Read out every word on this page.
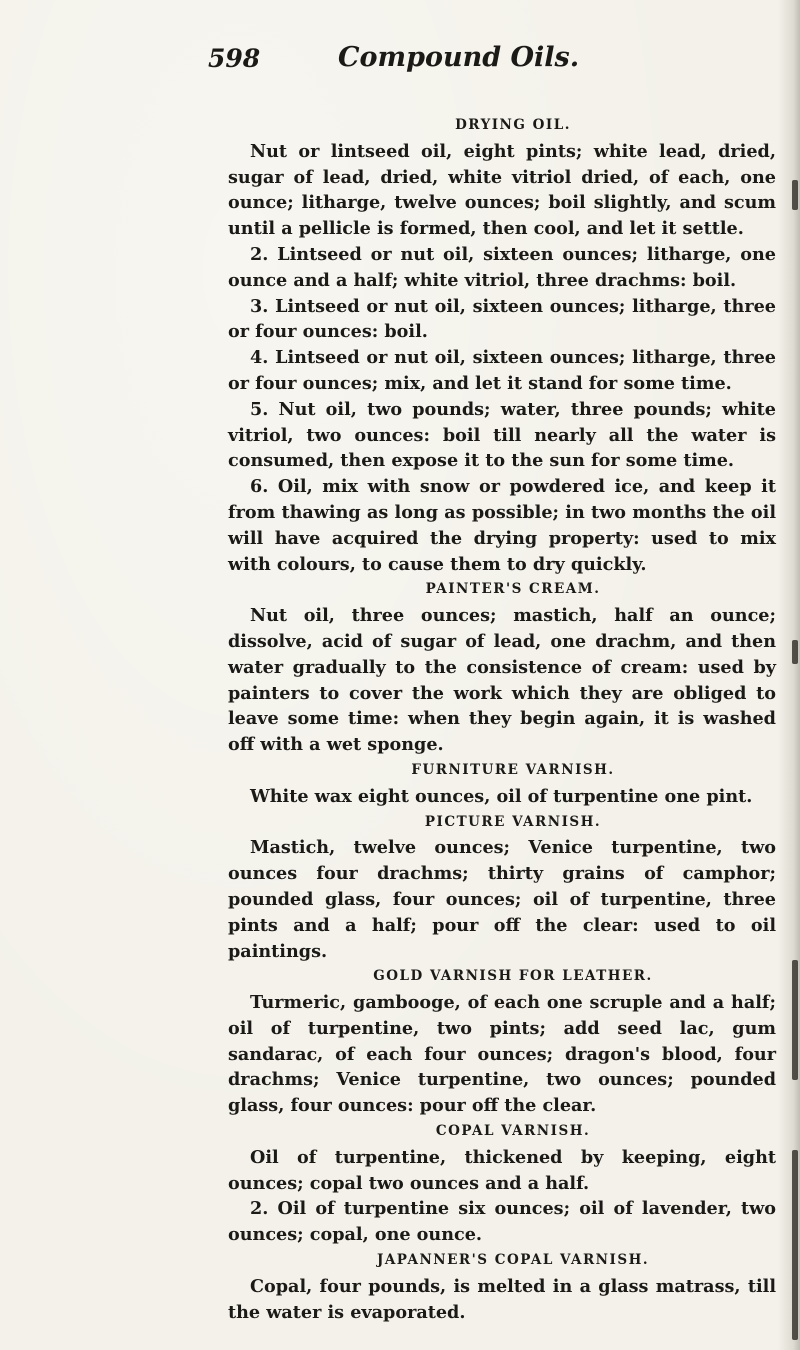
598	Compound Oils.

DRYING OIL.

Nut or lintseed oil, eight pints; white lead, dried, sugar of lead, dried, white vitriol dried, of each, one ounce; litharge, twelve ounces; boil slightly, and scum until a pellicle is formed, then cool, and let it settle.

2. Lintseed or nut oil, sixteen ounces; litharge, one ounce and a half; white vitriol, three drachms: boil.

3. Lintseed or nut oil, sixteen ounces; litharge, three or four ounces: boil.

4. Lintseed or nut oil, sixteen ounces; litharge, three or four ounces; mix, and let it stand for some time.

5. Nut oil, two pounds; water, three pounds; white vitriol, two ounces: boil till nearly all the water is consumed, then expose it to the sun for some time.

6. Oil, mix with snow or powdered ice, and keep it from thawing as long as possible; in two months the oil will have acquired the drying property: used to mix with colours, to cause them to dry quickly.

PAINTER'S CREAM.

Nut oil, three ounces; mastich, half an ounce; dissolve, acid of sugar of lead, one drachm, and then water gradually to the consistence of cream: used by painters to cover the work which they are obliged to leave some time: when they begin again, it is washed off with a wet sponge.

FURNITURE VARNISH.

White wax eight ounces, oil of turpentine one pint.

PICTURE VARNISH.

Mastich, twelve ounces; Venice turpentine, two ounces four drachms; thirty grains of camphor; pounded glass, four ounces; oil of turpentine, three pints and a half; pour off the clear: used to oil paintings.

GOLD VARNISH FOR LEATHER.

Turmeric, gambooge, of each one scruple and a half; oil of turpentine, two pints; add seed lac, gum sandarac, of each four ounces; dragon's blood, four drachms; Venice turpentine, two ounces; pounded glass, four ounces: pour off the clear.

COPAL VARNISH.

Oil of turpentine, thickened by keeping, eight ounces; copal two ounces and a half.

2. Oil of turpentine six ounces; oil of lavender, two ounces; copal, one ounce.

JAPANNER'S COPAL VARNISH.

Copal, four pounds, is melted in a glass matrass, till the water is evaporated.
